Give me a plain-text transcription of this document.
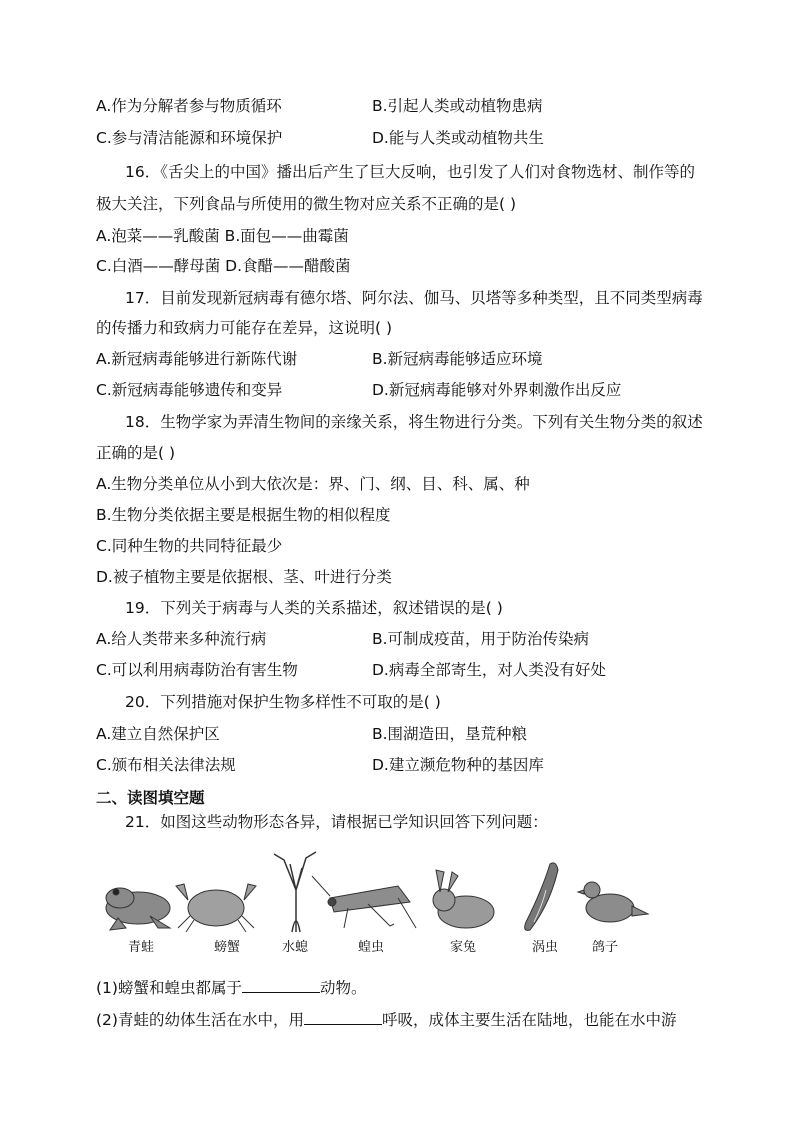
A.作为分解者参与物质循环	B.引起人类或动植物患病
C.参与清洁能源和环境保护	D.能与人类或动植物共生
16．《舌尖上的中国》播出后产生了巨大反响，也引发了人们对食物选材、制作等的
极大关注，下列食品与所使用的微生物对应关系不正确的是( )
A.泡菜——乳酸菌 B.面包——曲霉菌
C.白酒——酵母菌 D.食醋——醋酸菌
17．目前发现新冠病毒有德尔塔、阿尔法、伽马、贝塔等多种类型，且不同类型病毒
的传播力和致病力可能存在差异，这说明( )
A.新冠病毒能够进行新陈代谢	B.新冠病毒能够适应环境
C.新冠病毒能够遗传和变异	D.新冠病毒能够对外界刺激作出反应
18．生物学家为弄清生物间的亲缘关系，将生物进行分类。下列有关生物分类的叙述
正确的是( )
A.生物分类单位从小到大依次是：界、门、纲、目、科、属、种
B.生物分类依据主要是根据生物的相似程度
C.同种生物的共同特征最少
D.被子植物主要是依据根、茎、叶进行分类
19．下列关于病毒与人类的关系描述，叙述错误的是( )
A.给人类带来多种流行病	B.可制成疫苗，用于防治传染病
C.可以利用病毒防治有害生物	D.病毒全部寄生，对人类没有好处
20．下列措施对保护生物多样性不可取的是( )
A.建立自然保护区	B.围湖造田，垦荒种粮
C.颁布相关法律法规	D.建立濒危物种的基因库
二、读图填空题
21．如图这些动物形态各异，请根据已学知识回答下列问题：
青蛙	螃蟹	水螅	蝗虫	家兔	涡虫	鸽子
(1)螃蟹和蝗虫都属于	动物。
(2)青蛙的幼体生活在水中，用	呼吸，成体主要生活在陆地，也能在水中游
